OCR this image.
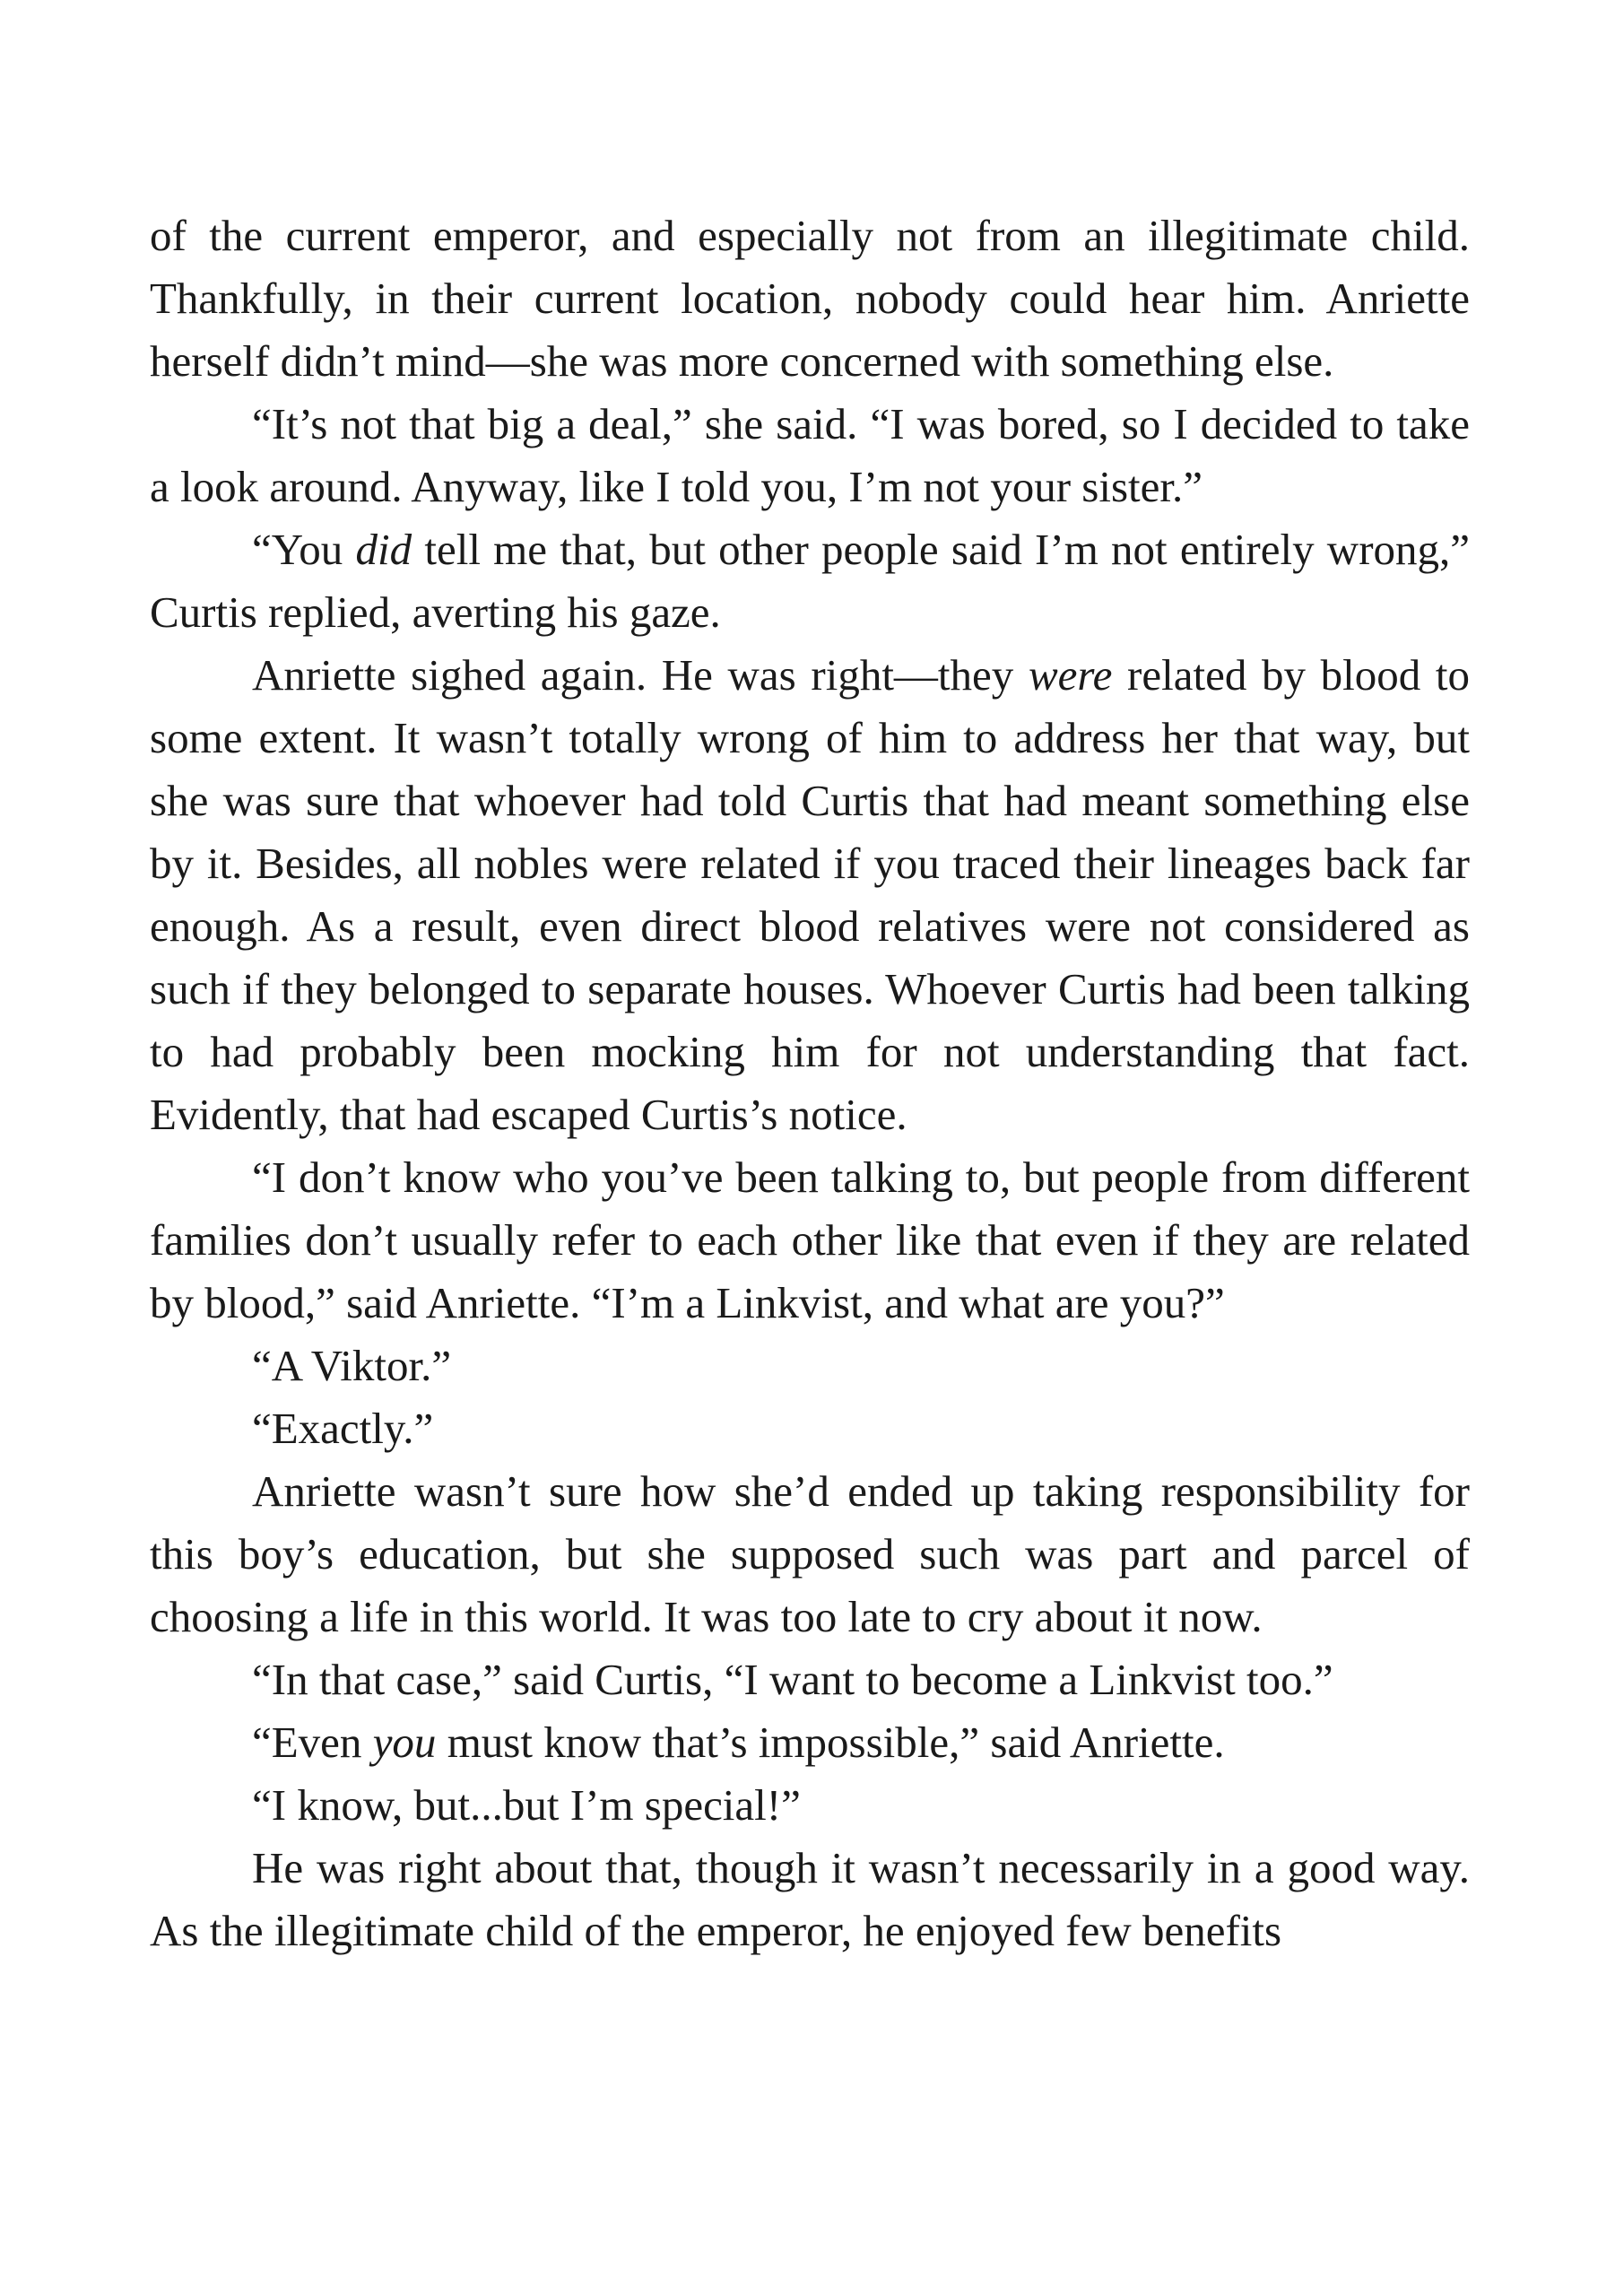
of the current emperor, and especially not from an illegitimate child. Thankfully, in their current location, nobody could hear him. Anriette herself didn’t mind—she was more concerned with something else.

“It’s not that big a deal,” she said. “I was bored, so I decided to take a look around. Anyway, like I told you, I’m not your sister.”

“You did tell me that, but other people said I’m not entirely wrong,” Curtis replied, averting his gaze.

Anriette sighed again. He was right—they were related by blood to some extent. It wasn’t totally wrong of him to address her that way, but she was sure that whoever had told Curtis that had meant something else by it. Besides, all nobles were related if you traced their lineages back far enough. As a result, even direct blood relatives were not considered as such if they belonged to separate houses. Whoever Curtis had been talking to had probably been mocking him for not understanding that fact. Evidently, that had escaped Curtis’s notice.

“I don’t know who you’ve been talking to, but people from different families don’t usually refer to each other like that even if they are related by blood,” said Anriette. “I’m a Linkvist, and what are you?”

“A Viktor.”

“Exactly.”

Anriette wasn’t sure how she’d ended up taking responsibility for this boy’s education, but she supposed such was part and parcel of choosing a life in this world. It was too late to cry about it now.

“In that case,” said Curtis, “I want to become a Linkvist too.”

“Even you must know that’s impossible,” said Anriette.

“I know, but...but I’m special!”

He was right about that, though it wasn’t necessarily in a good way. As the illegitimate child of the emperor, he enjoyed few benefits
